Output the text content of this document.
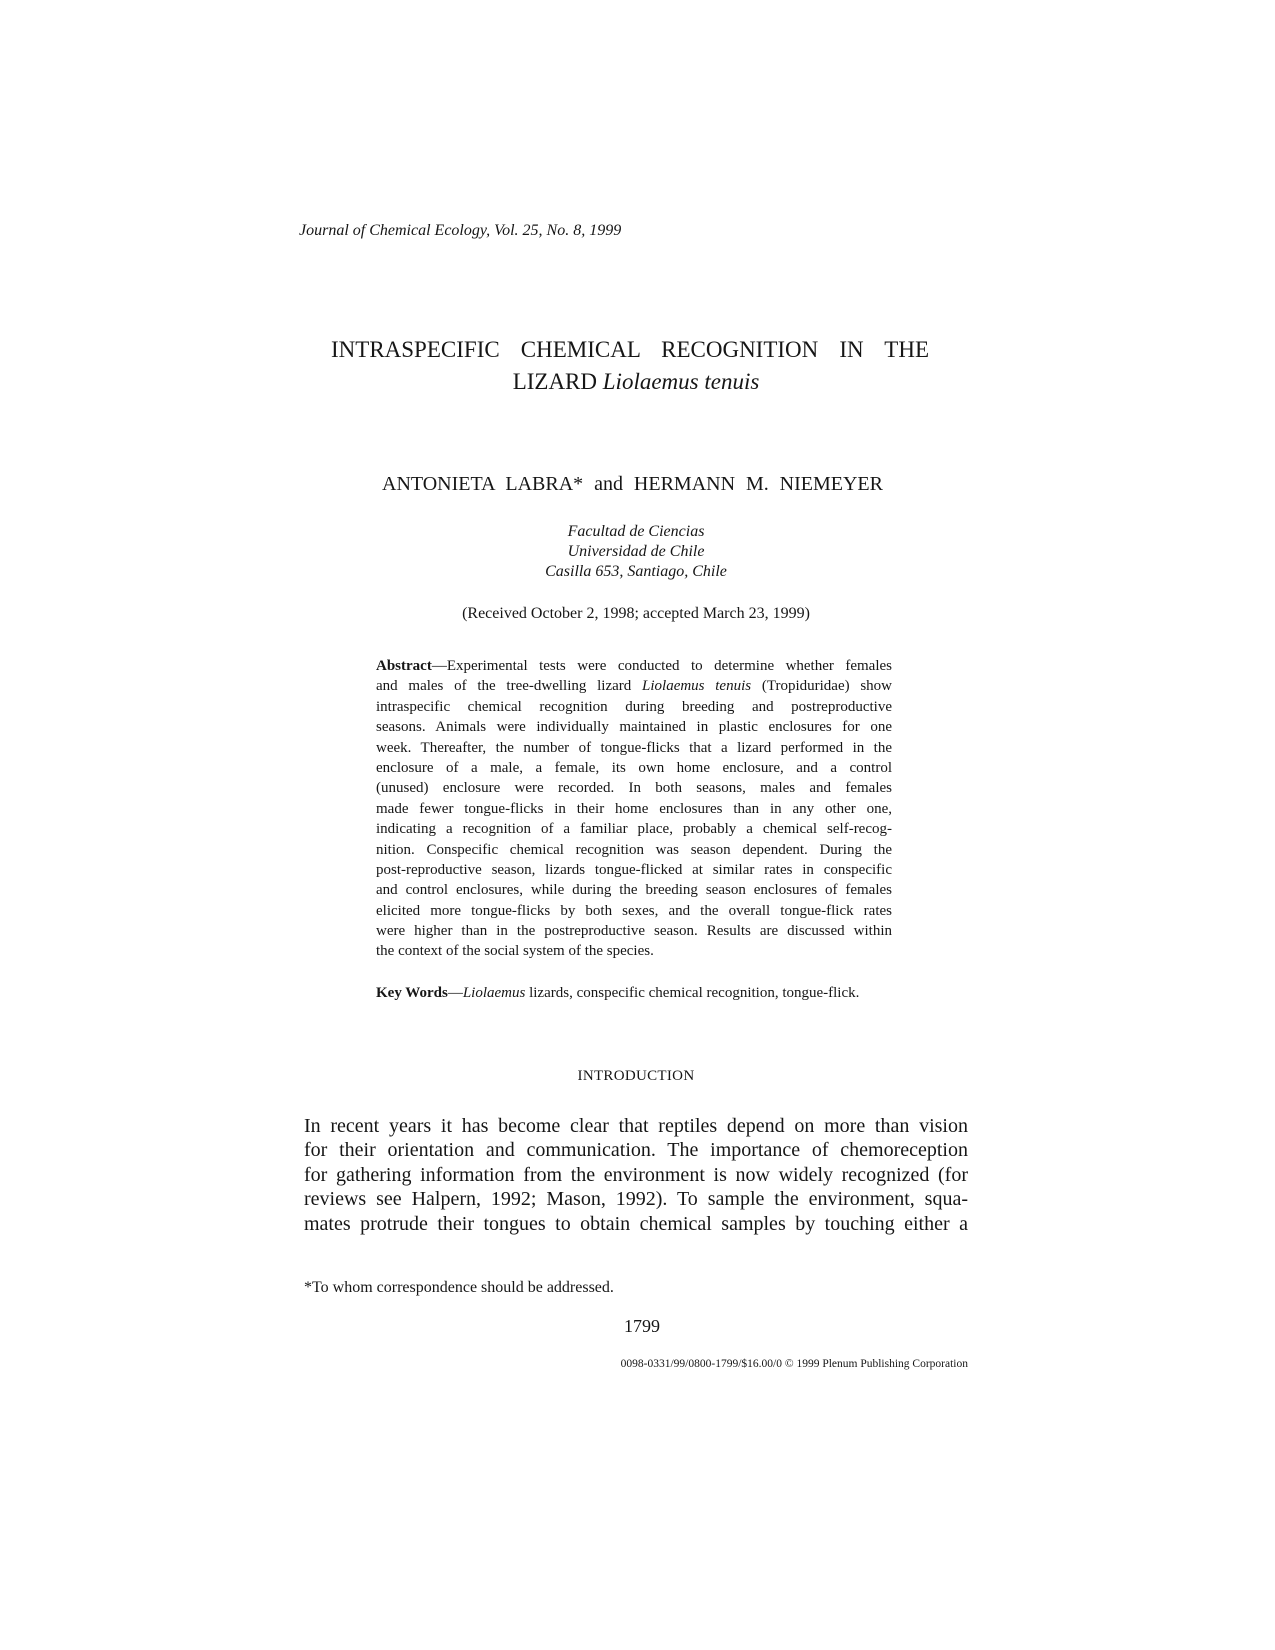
Journal of Chemical Ecology, Vol. 25, No. 8, 1999
INTRASPECIFIC CHEMICAL RECOGNITION IN THE
LIZARD Liolaemus tenuis
ANTONIETA LABRA* and HERMANN M. NIEMEYER
Facultad de Ciencias
Universidad de Chile
Casilla 653, Santiago, Chile
(Received October 2, 1998; accepted March 23, 1999)
Abstract—Experimental tests were conducted to determine whether females
and males of the tree-dwelling lizard Liolaemus tenuis (Tropiduridae) show
intraspecific chemical recognition during breeding and postreproductive
seasons. Animals were individually maintained in plastic enclosures for one
week. Thereafter, the number of tongue-flicks that a lizard performed in the
enclosure of a male, a female, its own home enclosure, and a control
(unused) enclosure were recorded. In both seasons, males and females
made fewer tongue-flicks in their home enclosures than in any other one,
indicating a recognition of a familiar place, probably a chemical self-recog-
nition. Conspecific chemical recognition was season dependent. During the
post-reproductive season, lizards tongue-flicked at similar rates in conspecific
and control enclosures, while during the breeding season enclosures of females
elicited more tongue-flicks by both sexes, and the overall tongue-flick rates
were higher than in the postreproductive season. Results are discussed within
the context of the social system of the species.
Key Words—Liolaemus lizards, conspecific chemical recognition, tongue-flick.
INTRODUCTION
In recent years it has become clear that reptiles depend on more than vision
for their orientation and communication. The importance of chemoreception
for gathering information from the environment is now widely recognized (for
reviews see Halpern, 1992; Mason, 1992). To sample the environment, squa-
mates protrude their tongues to obtain chemical samples by touching either a
*To whom correspondence should be addressed.
1799
0098-0331/99/0800-1799/$16.00/0 © 1999 Plenum Publishing Corporation
